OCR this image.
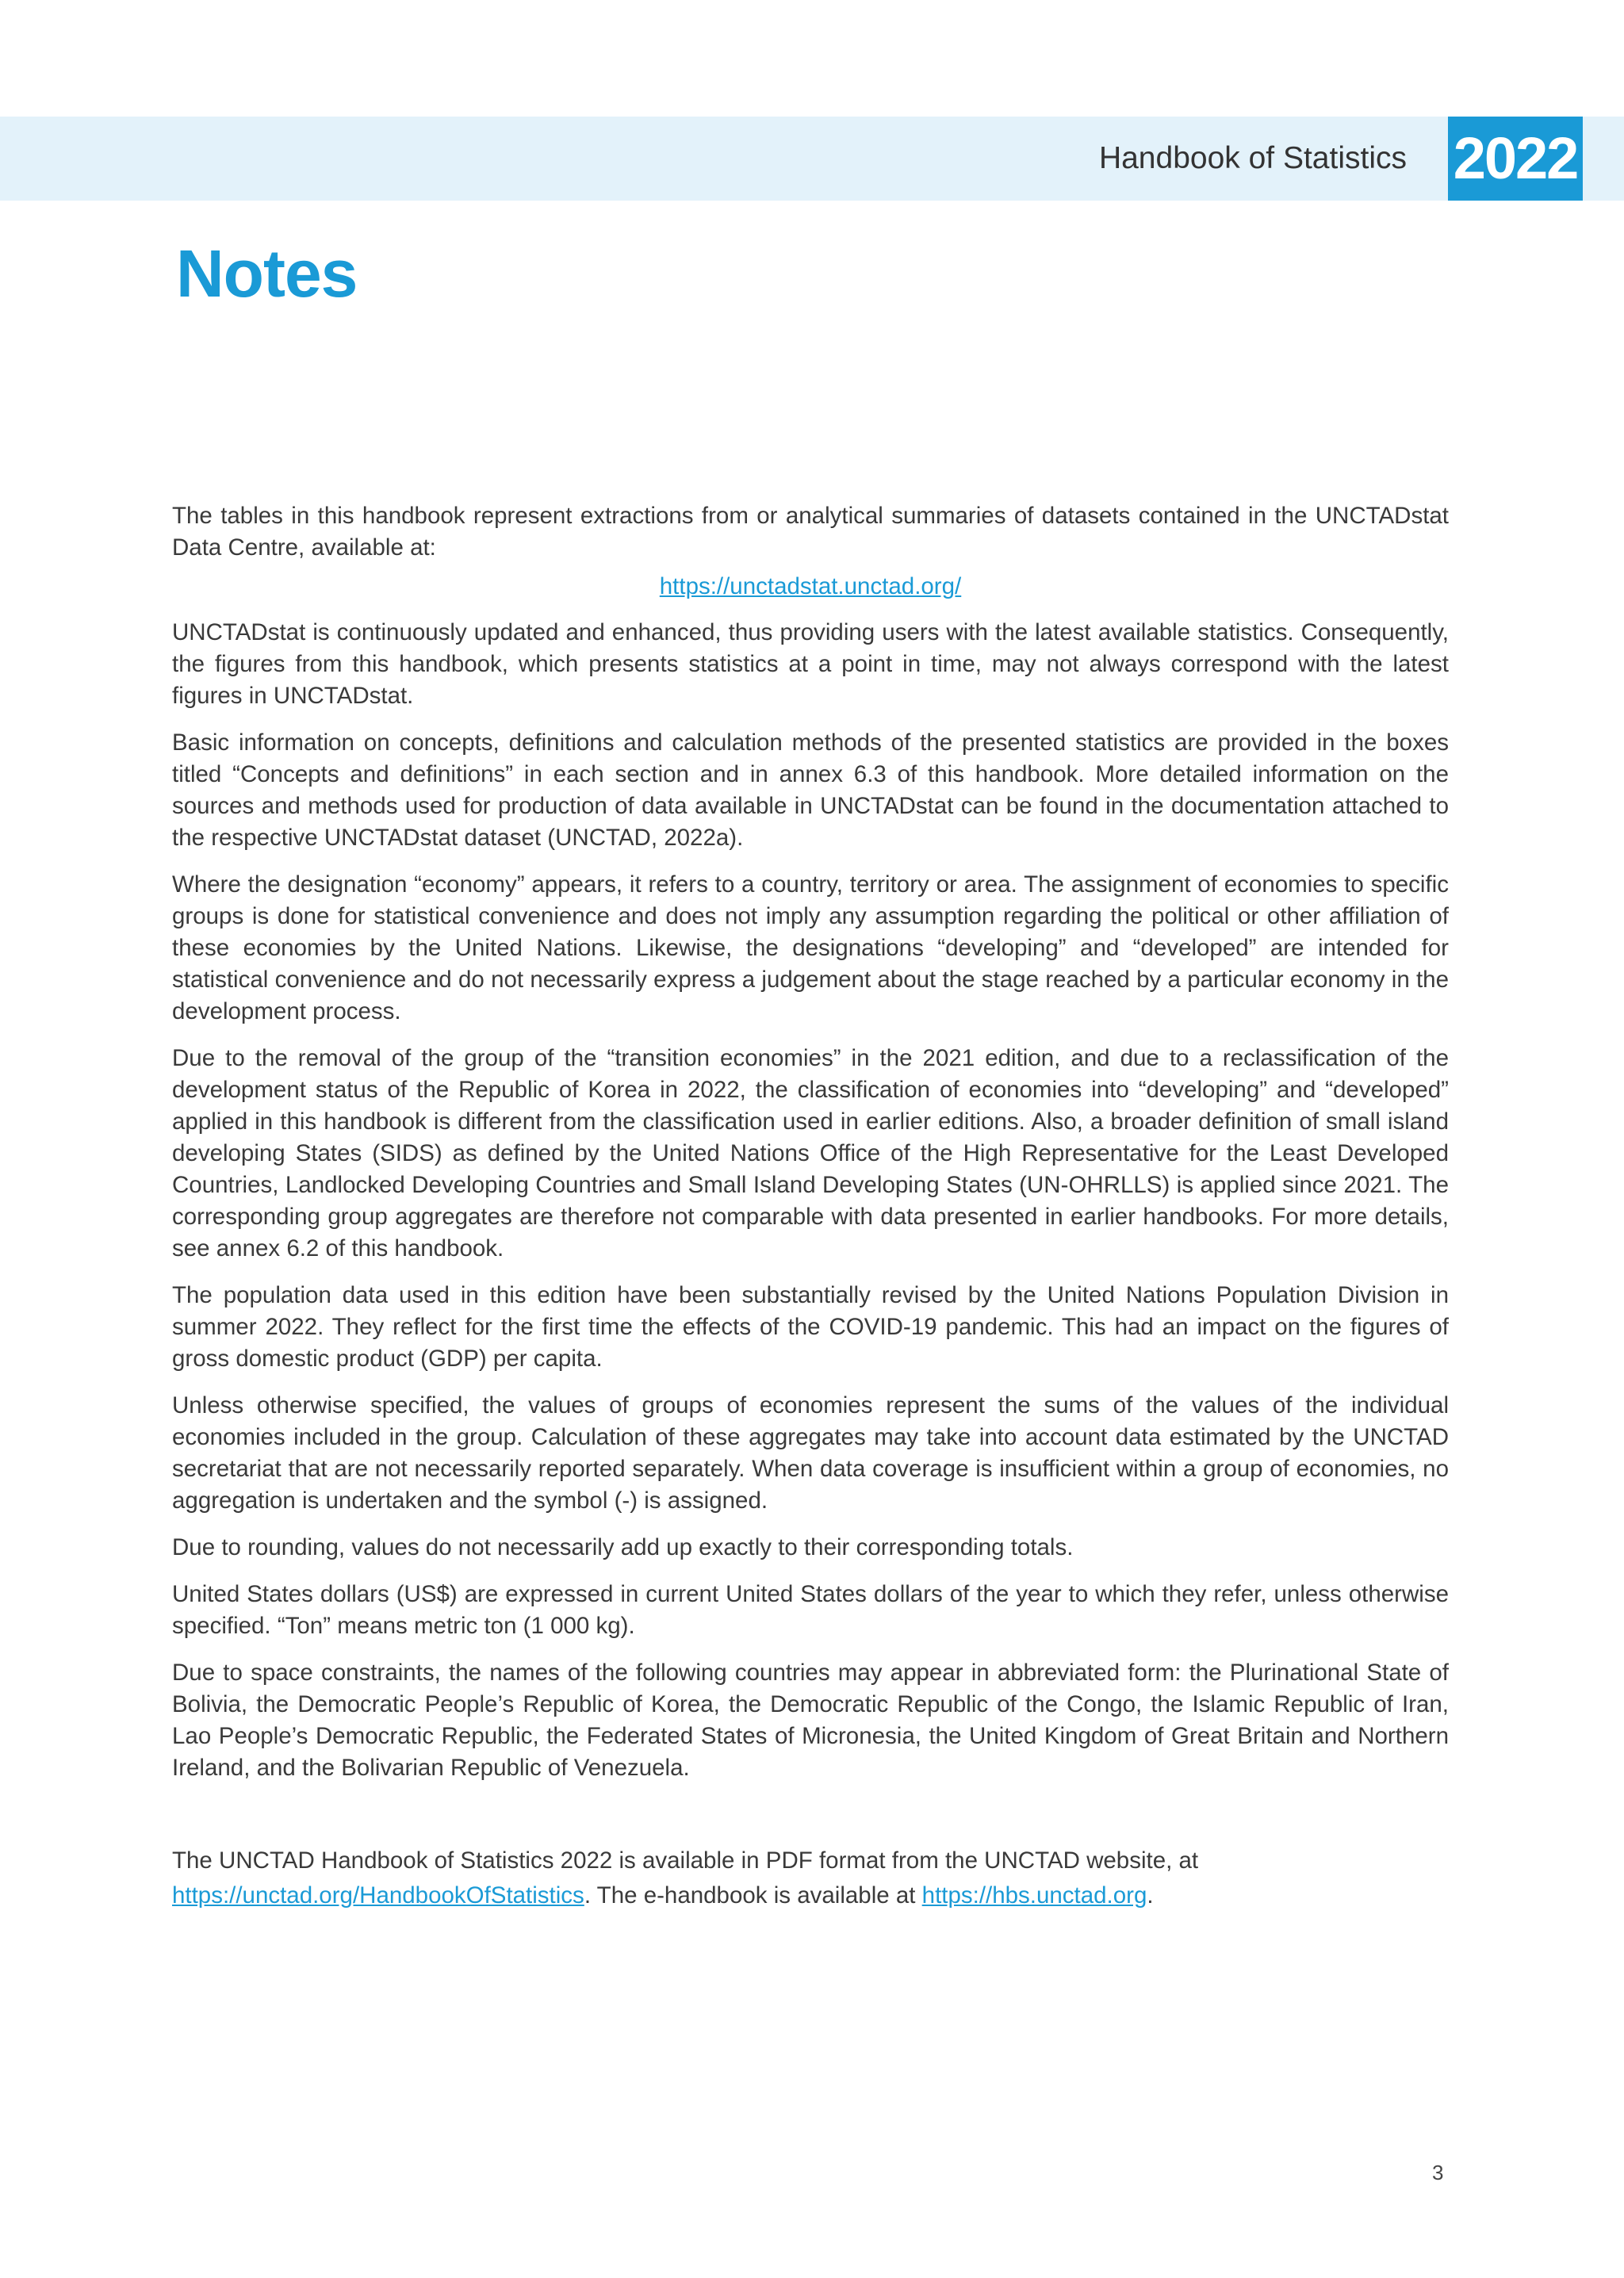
Handbook of Statistics 2022
Notes

The tables in this handbook represent extractions from or analytical summaries of datasets contained in the UNCTADstat Data Centre, available at:

https://unctadstat.unctad.org/

UNCTADstat is continuously updated and enhanced, thus providing users with the latest available statistics. Consequently, the figures from this handbook, which presents statistics at a point in time, may not always correspond with the latest figures in UNCTADstat.

Basic information on concepts, definitions and calculation methods of the presented statistics are provided in the boxes titled “Concepts and definitions” in each section and in annex 6.3 of this handbook. More detailed information on the sources and methods used for production of data available in UNCTADstat can be found in the documentation attached to the respective UNCTADstat dataset (UNCTAD, 2022a).

Where the designation “economy” appears, it refers to a country, territory or area. The assignment of economies to specific groups is done for statistical convenience and does not imply any assumption regarding the political or other affiliation of these economies by the United Nations. Likewise, the designations “developing” and “developed” are intended for statistical convenience and do not necessarily express a judgement about the stage reached by a particular economy in the development process.

Due to the removal of the group of the “transition economies” in the 2021 edition, and due to a reclassification of the development status of the Republic of Korea in 2022, the classification of economies into “developing” and “developed” applied in this handbook is different from the classification used in earlier editions. Also, a broader definition of small island developing States (SIDS) as defined by the United Nations Office of the High Representative for the Least Developed Countries, Landlocked Developing Countries and Small Island Developing States (UN-OHRLLS) is applied since 2021. The corresponding group aggregates are therefore not comparable with data presented in earlier handbooks. For more details, see annex 6.2 of this handbook.

The population data used in this edition have been substantially revised by the United Nations Population Division in summer 2022. They reflect for the first time the effects of the COVID-19 pandemic. This had an impact on the figures of gross domestic product (GDP) per capita.

Unless otherwise specified, the values of groups of economies represent the sums of the values of the individual economies included in the group. Calculation of these aggregates may take into account data estimated by the UNCTAD secretariat that are not necessarily reported separately. When data coverage is insufficient within a group of economies, no aggregation is undertaken and the symbol (-) is assigned.

Due to rounding, values do not necessarily add up exactly to their corresponding totals.

United States dollars (US$) are expressed in current United States dollars of the year to which they refer, unless otherwise specified. “Ton” means metric ton (1 000 kg).

Due to space constraints, the names of the following countries may appear in abbreviated form: the Plurinational State of Bolivia, the Democratic People’s Republic of Korea, the Democratic Republic of the Congo, the Islamic Republic of Iran, Lao People’s Democratic Republic, the Federated States of Micronesia, the United Kingdom of Great Britain and Northern Ireland, and the Bolivarian Republic of Venezuela.

The UNCTAD Handbook of Statistics 2022 is available in PDF format from the UNCTAD website, at

https://unctad.org/HandbookOfStatistics. The e-handbook is available at https://hbs.unctad.org.

3
